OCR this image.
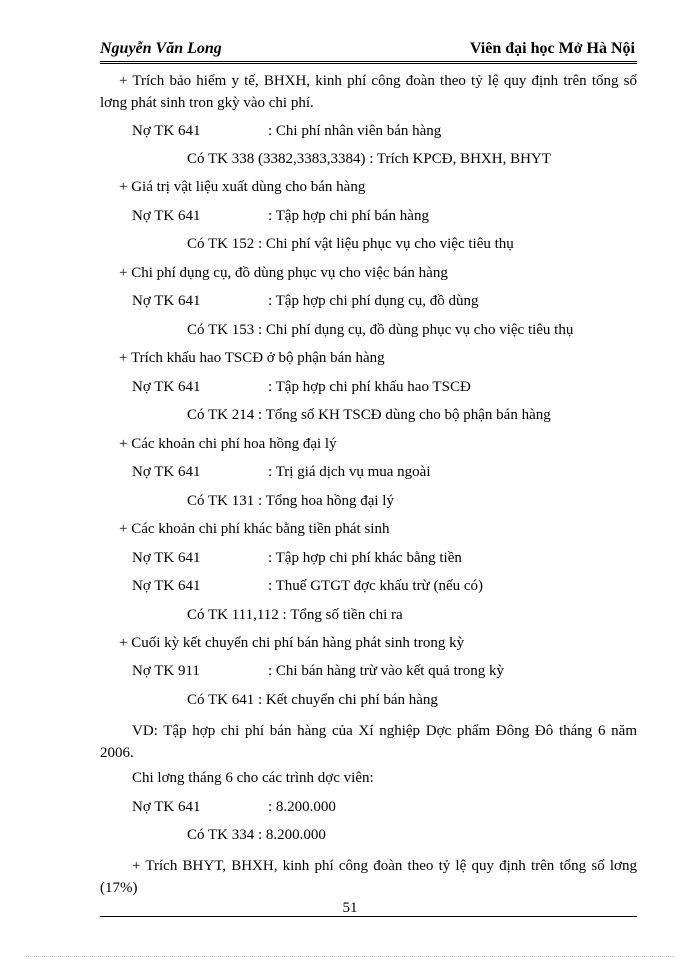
Nguyễn Văn Long	Viên đại học Mở Hà Nội
+ Trích bảo hiểm y tế, BHXH, kinh phí công đoàn theo tỷ lệ quy định trên tổng số lơng phát sinh tron gkỳ vào chi phí.
Nợ TK 641	: Chi phí nhân viên bán hàng
Có TK 338 (3382,3383,3384) : Trích KPCĐ, BHXH, BHYT
+ Giá trị vật liệu xuất dùng cho bán hàng
Nợ TK 641	: Tập hợp chi phí bán hàng
Có TK 152 : Chi phí vật liệu phục vụ cho việc tiêu thụ
+ Chi phí dụng cụ, đồ dùng phục vụ cho việc bán hàng
Nợ TK 641	: Tập hợp chi phí dụng cụ, đồ dùng
Có TK 153 : Chi phí dụng cụ, đồ dùng phục vụ cho việc tiêu thụ
+ Trích khấu hao TSCĐ ở bộ phận bán hàng
Nợ TK 641	: Tập hợp chi phí khấu hao TSCĐ
Có TK 214 : Tổng số KH TSCĐ dùng cho bộ phận bán hàng
+ Các khoản chi phí hoa hồng đại lý
Nợ TK 641	: Trị giá dịch vụ mua ngoài
Có TK 131 : Tổng hoa hồng đại lý
+ Các khoản chi phí khác bằng tiền phát sinh
Nợ TK 641	: Tập hợp chi phí khác bằng tiền
Nợ TK 641	: Thuế GTGT đợc khấu trừ (nếu có)
Có TK 111,112 : Tổng số tiền chi ra
+ Cuối kỳ kết chuyển chi phí bán hàng phát sinh trong kỳ
Nợ TK 911	: Chi bán hàng trừ vào kết quả trong kỳ
Có TK 641 : Kết chuyển chi phí bán hàng
VD: Tập hợp chi phí bán hàng của Xí nghiệp Dợc phẩm Đông Đô tháng 6 năm 2006.
Chi lơng tháng 6 cho các trình dợc viên:
Nợ TK 641	: 8.200.000
Có TK 334 : 8.200.000
+ Trích BHYT, BHXH, kinh phí công đoàn theo tỷ lệ quy định trên tổng số lơng (17%)
51
